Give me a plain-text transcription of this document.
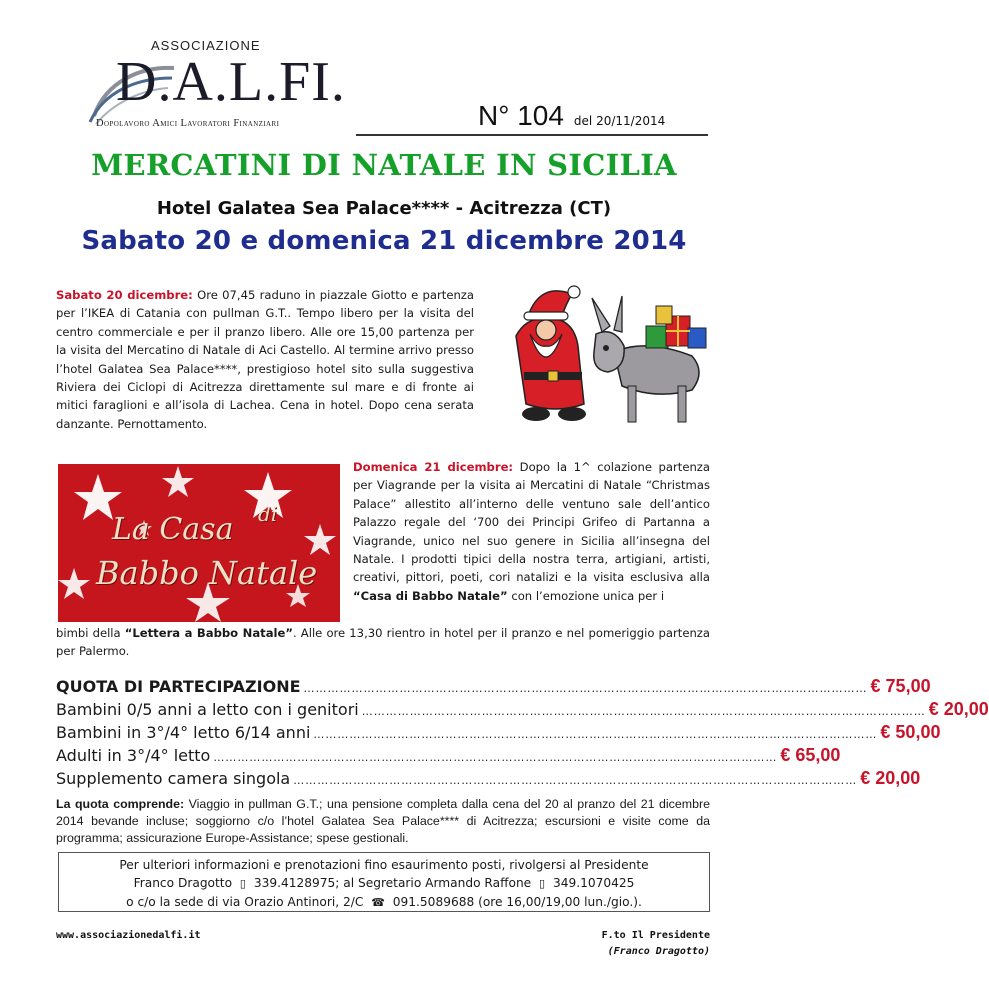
ASSOCIAZIONE
D.A.L.FI.
Dopolavoro Amici Lavoratori Finanziari	N° 104 del 20/11/2014
MERCATINI DI NATALE IN SICILIA
Hotel Galatea Sea Palace**** - Acitrezza (CT)
Sabato 20 e domenica 21 dicembre 2014
Sabato 20 dicembre: Ore 07,45 raduno in piazzale Giotto e partenza per l’IKEA di Catania con pullman G.T.. Tempo libero per la visita del centro commerciale e per il pranzo libero. Alle ore 15,00 partenza per la visita del Mercatino di Natale di Aci Castello. Al termine arrivo presso l’hotel Galatea Sea Palace****, prestigioso hotel sito sulla suggestiva Riviera dei Ciclopi di Acitrezza direttamente sul mare e di fronte ai mitici faraglioni e all’isola di Lachea. Cena in hotel. Dopo cena serata danzante. Pernottamento.
La Casa di
Babbo Natale
Domenica 21 dicembre: Dopo la 1^ colazione partenza per Viagrande per la visita ai Mercatini di Natale “Christmas Palace” allestito all’interno delle ventuno sale dell’antico Palazzo regale del ‘700 dei Principi Grifeo di Partanna a Viagrande, unico nel suo genere in Sicilia all’insegna del Natale. I prodotti tipici della nostra terra, artigiani, artisti, creativi, pittori, poeti, cori natalizi e la visita esclusiva alla “Casa di Babbo Natale” con l’emozione unica per i
bimbi della “Lettera a Babbo Natale”. Alle ore 13,30 rientro in hotel per il pranzo e nel pomeriggio partenza per Palermo.
QUOTA DI PARTECIPAZIONE …………………………………………………………………………………………………………………………… € 75,00
Bambini 0/5 anni a letto con i genitori …………………………………………………………………………………………………………………………… € 20,00
Bambini in 3°/4° letto 6/14 anni …………………………………………………………………………………………………………………………… € 50,00
Adulti in 3°/4° letto …………………………………………………………………………………………………………………………… € 65,00
Supplemento camera singola …………………………………………………………………………………………………………………………… € 20,00
La quota comprende: Viaggio in pullman G.T.; una pensione completa dalla cena del 20 al pranzo del 21 dicembre 2014 bevande incluse; soggiorno c/o l’hotel Galatea Sea Palace**** di Acitrezza; escursioni e visite come da programma; assicurazione Europe-Assistance; spese gestionali.
Per ulteriori informazioni e prenotazioni fino esaurimento posti, rivolgersi al Presidente
Franco Dragotto ▯ 339.4128975; al Segretario Armando Raffone ▯ 349.1070425
o c/o la sede di via Orazio Antinori, 2/C ☎ 091.5089688 (ore 16,00/19,00 lun./gio.).
www.associazionedalfi.it	F.to Il Presidente
(Franco Dragotto)
